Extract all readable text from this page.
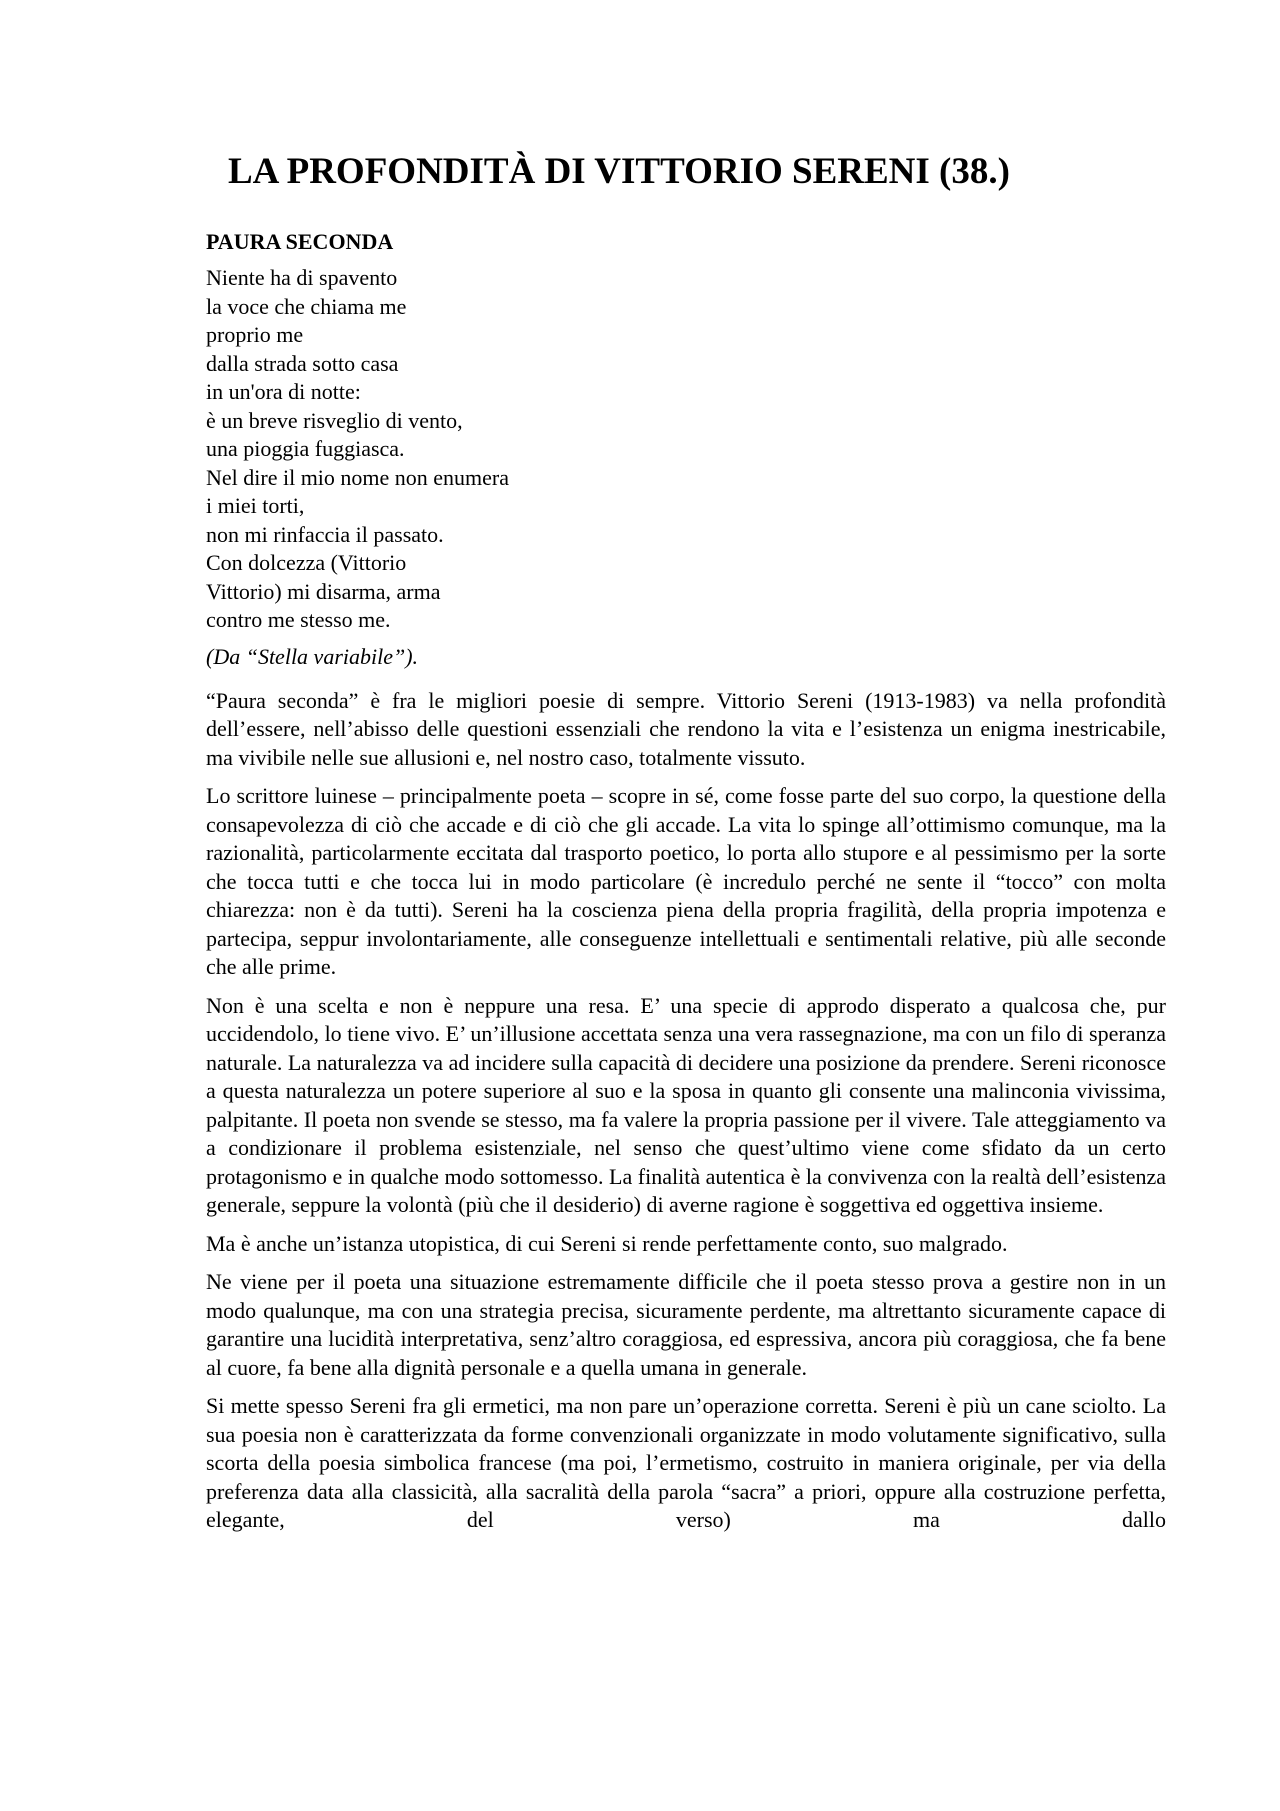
LA PROFONDITÀ DI VITTORIO SERENI (38.)
PAURA SECONDA
Niente ha di spavento
la voce che chiama me
proprio me
dalla strada sotto casa
in un'ora di notte:
è un breve risveglio di vento,
una pioggia fuggiasca.
Nel dire il mio nome non enumera
i miei torti,
non mi rinfaccia il passato.
Con dolcezza (Vittorio
Vittorio) mi disarma, arma
contro me stesso me.
(Da “Stella variabile”).

“Paura seconda” è fra le migliori poesie di sempre. Vittorio Sereni (1913-1983) va nella profondità dell’essere, nell’abisso delle questioni essenziali che rendono la vita e l’esistenza un enigma inestricabile, ma vivibile nelle sue allusioni e, nel nostro caso, totalmente vissuto.

Lo scrittore luinese – principalmente poeta – scopre in sé, come fosse parte del suo corpo, la questione della consapevolezza di ciò che accade e di ciò che gli accade. La vita lo spinge all’ottimismo comunque, ma la razionalità, particolarmente eccitata dal trasporto poetico, lo porta allo stupore e al pessimismo per la sorte che tocca tutti e che tocca lui in modo particolare (è incredulo perché ne sente il “tocco” con molta chiarezza: non è da tutti). Sereni ha la coscienza piena della propria fragilità, della propria impotenza e partecipa, seppur involontariamente, alle conseguenze intellettuali e sentimentali relative, più alle seconde che alle prime.

Non è una scelta e non è neppure una resa. E’ una specie di approdo disperato a qualcosa che, pur uccidendolo, lo tiene vivo. E’ un’illusione accettata senza una vera rassegnazione, ma con un filo di speranza naturale. La naturalezza va ad incidere sulla capacità di decidere una posizione da prendere. Sereni riconosce a questa naturalezza un potere superiore al suo e la sposa in quanto gli consente una malinconia vivissima, palpitante. Il poeta non svende se stesso, ma fa valere la propria passione per il vivere. Tale atteggiamento va a condizionare il problema esistenziale, nel senso che quest’ultimo viene come sfidato da un certo protagonismo e in qualche modo sottomesso. La finalità autentica è la convivenza con la realtà dell’esistenza generale, seppure la volontà (più che il desiderio) di averne ragione è soggettiva ed oggettiva insieme.

Ma è anche un’istanza utopistica, di cui Sereni si rende perfettamente conto, suo malgrado.

Ne viene per il poeta una situazione estremamente difficile che il poeta stesso prova a gestire non in un modo qualunque, ma con una strategia precisa, sicuramente perdente, ma altrettanto sicuramente capace di garantire una lucidità interpretativa, senz’altro coraggiosa, ed espressiva, ancora più coraggiosa, che fa bene al cuore, fa bene alla dignità personale e a quella umana in generale.

Si mette spesso Sereni fra gli ermetici, ma non pare un’operazione corretta. Sereni è più un cane sciolto. La sua poesia non è caratterizzata da forme convenzionali organizzate in modo volutamente significativo, sulla scorta della poesia simbolica francese (ma poi, l’ermetismo, costruito in maniera originale, per via della preferenza data alla classicità, alla sacralità della parola “sacra” a priori, oppure alla costruzione perfetta, elegante, del verso) ma dallo
